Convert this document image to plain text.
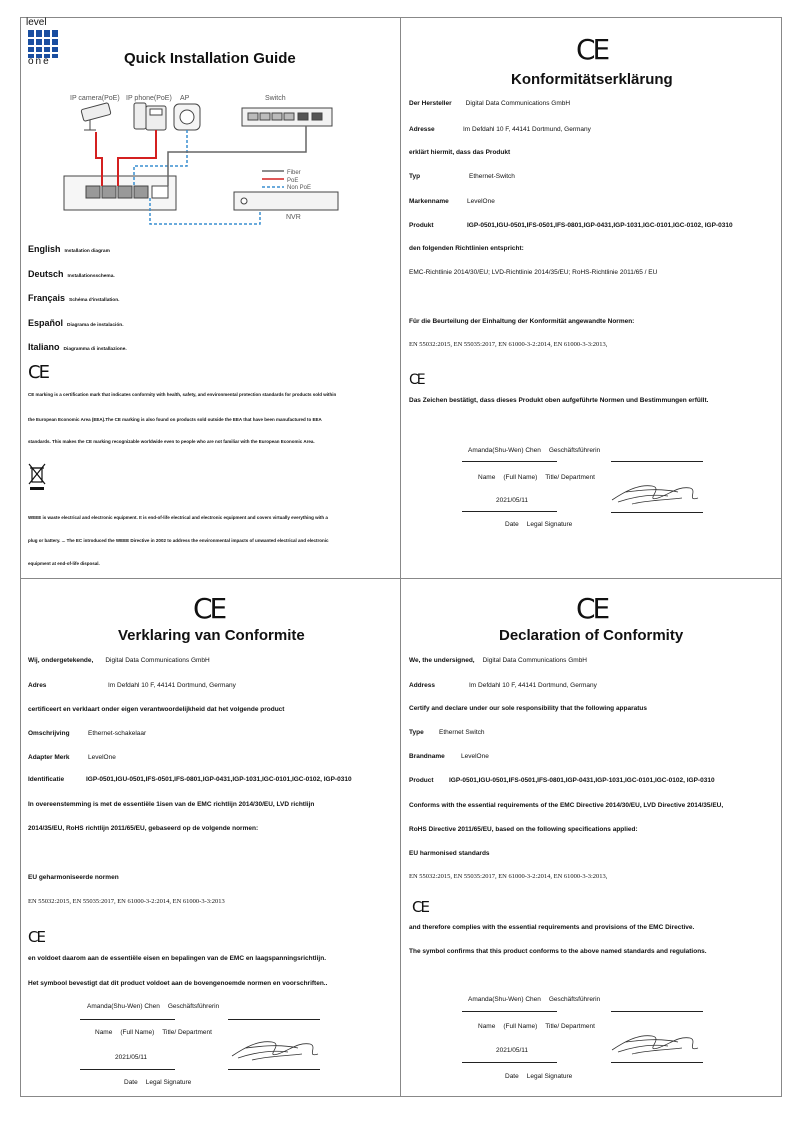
level
one	Quick Installation Guide
IP camera(PoE) IP phone(PoE) AP	Switch
NVR
Fiber
PoE
Non PoE
English Installation diagram
Deutsch Installationsschema.
Français Schéma d'installation.
Español Diagrama de instalación.
Italiano Diagramma di installazione.
CE
CE marking is a certification mark that indicates conformity with health, safety, and environmental protection standards for products sold within
the European Economic Area (EEA).The CE marking is also found on products sold outside the EEA that have been manufactured to EEA
standards. This makes the CE marking recognizable worldwide even to people who are not familiar with the European Economic Area.
WEEE is waste electrical and electronic equipment. It is end-of-life electrical and electronic equipment and covers virtually everything with a
plug or battery. ... The EC introduced the WEEE Directive in 2002 to address the environmental impacts of unwanted electrical and electronic
equipment at end-of-life disposal.
CE
Konformitätserklärung
Der Hersteller Digital Data Communications GmbH
Adresse	Im Defdahl 10 F, 44141 Dortmund, Germany
erklärt hiermit, dass das Produkt
Typ	Ethernet-Switch
Markenname	LevelOne
Produkt	IGP-0501,IGU-0501,IFS-0501,IFS-0801,IGP-0431,IGP-1031,IGC-0101,IGC-0102, IGP-0310
den folgenden Richtlinien entspricht:
EMC-Richtlinie 2014/30/EU; LVD-Richtlinie 2014/35/EU; RoHS-Richtlinie 2011/65 / EU
Für die Beurteilung der Einhaltung der Konformität angewandte Normen:
EN 55032:2015, EN 55035:2017, EN 61000-3-2:2014, EN 61000-3-3:2013,
CE
Das Zeichen bestätigt, dass dieses Produkt oben aufgeführte Normen und Bestimmungen erfüllt.
Amanda(Shu-Wen) Chen Geschäftsführerin
Name (Full Name) Title/ Department
2021/05/11
Date Legal Signature
CE
Verklaring van Conformite
Wij, ondergetekende, Digital Data Communications GmbH
Adres	Im Defdahl 10 F, 44141 Dortmund, Germany
certificeert en verklaart onder eigen verantwoordelijkheid dat het volgende product
Omschrijving	Ethernet-schakelaar
Adapter Merk	LevelOne
Identificatie	IGP-0501,IGU-0501,IFS-0501,IFS-0801,IGP-0431,IGP-1031,IGC-0101,IGC-0102, IGP-0310
In overeenstemming is met de essentiële 1isen van de EMC richtlijn 2014/30/EU, LVD richtlijn
2014/35/EU, RoHS richtlijn 2011/65/EU, gebaseerd op de volgende normen:
EU geharmoniseerde normen
EN 55032:2015, EN 55035:2017, EN 61000-3-2:2014, EN 61000-3-3:2013
CE
en voldoet daarom aan de essentiële eisen en bepalingen van de EMC en laagspanningsrichtlijn.
Het symbool bevestigt dat dit product voldoet aan de bovengenoemde normen en voorschriften..
Amanda(Shu-Wen) Chen Geschäftsführerin
Name (Full Name) Title/ Department
2021/05/11
Date Legal Signature
CE
Declaration of Conformity
We, the undersigned, Digital Data Communications GmbH
Address	Im Defdahl 10 F, 44141 Dortmund, Germany
Certify and declare under our sole responsibility that the following apparatus
Type Ethernet Switch
Brandname LevelOne
Product IGP-0501,IGU-0501,IFS-0501,IFS-0801,IGP-0431,IGP-1031,IGC-0101,IGC-0102, IGP-0310
Conforms with the essential requirements of the EMC Directive 2014/30/EU, LVD Directive 2014/35/EU,
RoHS Directive 2011/65/EU, based on the following specifications applied:
EU harmonised standards
EN 55032:2015, EN 55035:2017, EN 61000-3-2:2014, EN 61000-3-3:2013,
CE
and therefore complies with the essential requirements and provisions of the EMC Directive.
The symbol confirms that this product conforms to the above named standards and regulations.
Amanda(Shu-Wen) Chen Geschäftsführerin
Name (Full Name) Title/ Department
2021/05/11
Date Legal Signature
